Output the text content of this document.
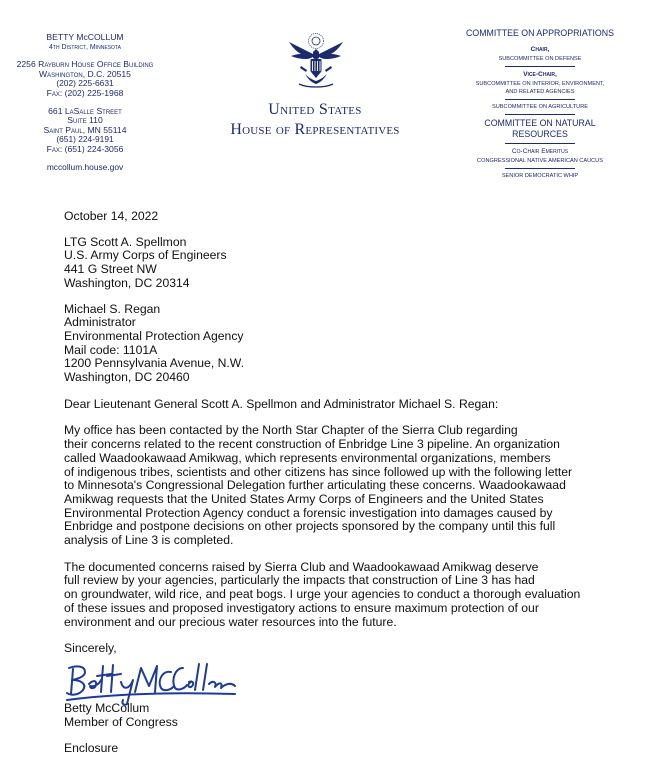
BETTY McCOLLUM
4th District, Minnesota
2256 Rayburn House Office Building
Washington, D.C. 20515
(202) 225-6631
Fax: (202) 225-1968
661 LaSalle Street
Suite 110
Saint Paul, MN 55114
(651) 224-9191
Fax: (651) 224-3056
mccollum.house.gov
United States
House of Representatives
COMMITTEE ON APPROPRIATIONS
Chair,
SUBCOMMITTEE ON DEFENSE
Vice-Chair,
SUBCOMMITTEE ON INTERIOR, ENVIRONMENT,
AND RELATED AGENCIES
SUBCOMMITTEE ON AGRICULTURE
COMMITTEE ON NATURAL
RESOURCES
Co-Chair Emeritus
CONGRESSIONAL NATIVE AMERICAN CAUCUS
SENIOR DEMOCRATIC WHIP

October 14, 2022

LTG Scott A. Spellmon

U.S. Army Corps of Engineers

441 G Street NW

Washington, DC 20314

Michael S. Regan

Administrator

Environmental Protection Agency

Mail code: 1101A

1200 Pennsylvania Avenue, N.W.

Washington, DC 20460

Dear Lieutenant General Scott A. Spellmon and Administrator Michael S. Regan:

My office has been contacted by the North Star Chapter of the Sierra Club regarding

their concerns related to the recent construction of Enbridge Line 3 pipeline. An organization

called Waadookawaad Amikwag, which represents environmental organizations, members

of indigenous tribes, scientists and other citizens has since followed up with the following letter

to Minnesota's Congressional Delegation further articulating these concerns. Waadookawaad

Amikwag requests that the United States Army Corps of Engineers and the United States

Environmental Protection Agency conduct a forensic investigation into damages caused by

Enbridge and postpone decisions on other projects sponsored by the company until this full

analysis of Line 3 is completed.

The documented concerns raised by Sierra Club and Waadookawaad Amikwag deserve

full review by your agencies, particularly the impacts that construction of Line 3 has had

on groundwater, wild rice, and peat bogs. I urge your agencies to conduct a thorough evaluation

of these issues and proposed investigatory actions to ensure maximum protection of our

environment and our precious water resources into the future.

Sincerely,

Betty McCollum

Member of Congress

Enclosure
